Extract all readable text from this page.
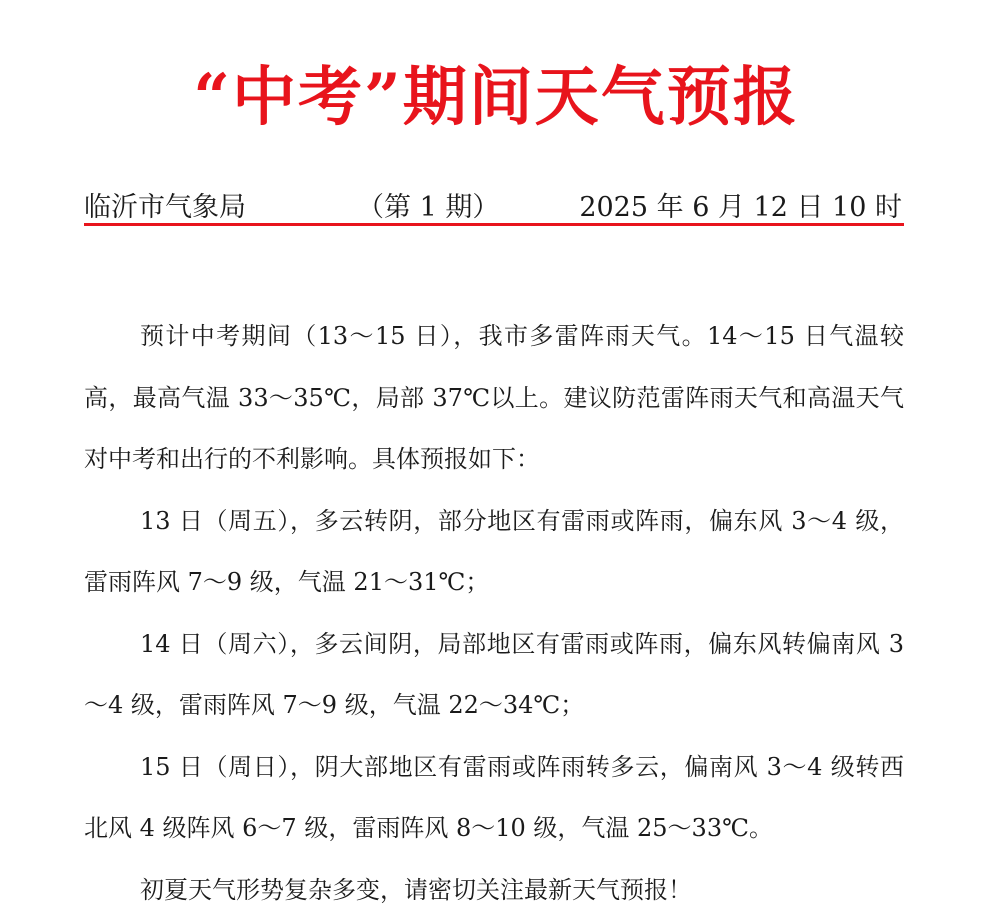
“中考”期间天气预报
临沂市气象局	（第 1 期）	2025 年 6 月 12 日 10 时

预计中考期间（13～15 日），我市多雷阵雨天气。14～15 日气温较高，最高气温 33～35℃，局部 37℃以上。建议防范雷阵雨天气和高温天气对中考和出行的不利影响。具体预报如下：

13 日（周五），多云转阴，部分地区有雷雨或阵雨，偏东风 3～4 级，雷雨阵风 7～9 级，气温 21～31℃；

14 日（周六），多云间阴，局部地区有雷雨或阵雨，偏东风转偏南风 3～4 级，雷雨阵风 7～9 级，气温 22～34℃；

15 日（周日），阴大部地区有雷雨或阵雨转多云，偏南风 3～4 级转西北风 4 级阵风 6～7 级，雷雨阵风 8～10 级，气温 25～33℃。

初夏天气形势复杂多变，请密切关注最新天气预报！
